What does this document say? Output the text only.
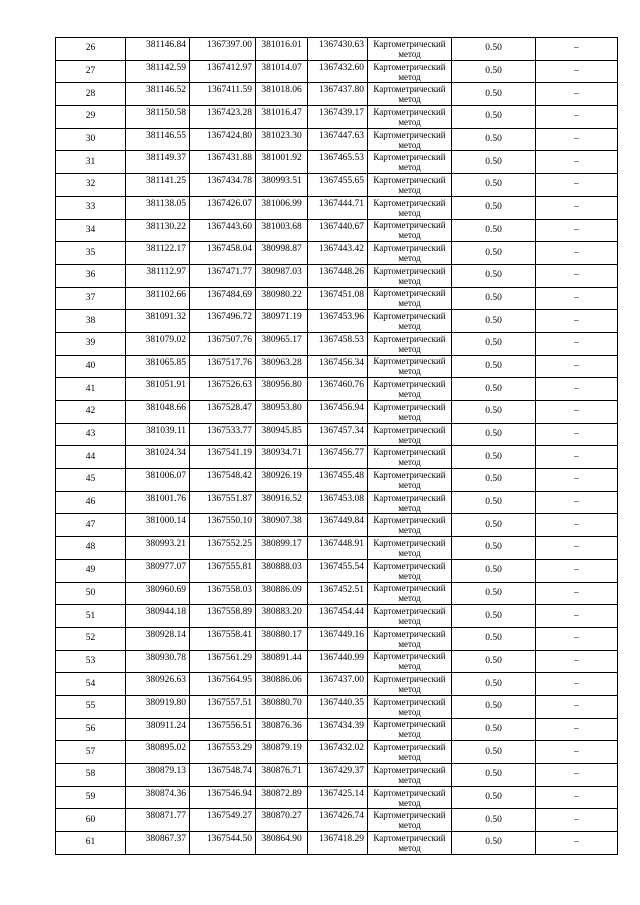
26	381146.84	1367397.00	381016.01	1367430.63	Картометрический метод	0.50	–
27	381142.59	1367412.97	381014.07	1367432.60	Картометрический метод	0.50	–
28	381146.52	1367411.59	381018.06	1367437.80	Картометрический метод	0.50	–
29	381150.58	1367423.28	381016.47	1367439.17	Картометрический метод	0.50	–
30	381146.55	1367424.80	381023.30	1367447.63	Картометрический метод	0.50	–
31	381149.37	1367431.88	381001.92	1367465.53	Картометрический метод	0.50	–
32	381141.25	1367434.78	380993.51	1367455.65	Картометрический метод	0.50	–
33	381138.05	1367426.07	381006.99	1367444.71	Картометрический метод	0.50	–
34	381130.22	1367443.60	381003.68	1367440.67	Картометрический метод	0.50	–
35	381122.17	1367458.04	380998.87	1367443.42	Картометрический метод	0.50	–
36	381112.97	1367471.77	380987.03	1367448.26	Картометрический метод	0.50	–
37	381102.66	1367484.69	380980.22	1367451.08	Картометрический метод	0.50	–
38	381091.32	1367496.72	380971.19	1367453.96	Картометрический метод	0.50	–
39	381079.02	1367507.76	380965.17	1367458.53	Картометрический метод	0.50	–
40	381065.85	1367517.76	380963.28	1367456.34	Картометрический метод	0.50	–
41	381051.91	1367526.63	380956.80	1367460.76	Картометрический метод	0.50	–
42	381048.66	1367528.47	380953.80	1367456.94	Картометрический метод	0.50	–
43	381039.11	1367533.77	380945.85	1367457.34	Картометрический метод	0.50	–
44	381024.34	1367541.19	380934.71	1367456.77	Картометрический метод	0.50	–
45	381006.07	1367548.42	380926.19	1367455.48	Картометрический метод	0.50	–
46	381001.76	1367551.87	380916.52	1367453.08	Картометрический метод	0.50	–
47	381000.14	1367550.10	380907.38	1367449.84	Картометрический метод	0.50	–
48	380993.21	1367552.25	380899.17	1367448.91	Картометрический метод	0.50	–
49	380977.07	1367555.81	380888.03	1367455.54	Картометрический метод	0.50	–
50	380960.69	1367558.03	380886.09	1367452.51	Картометрический метод	0.50	–
51	380944.18	1367558.89	380883.20	1367454.44	Картометрический метод	0.50	–
52	380928.14	1367558.41	380880.17	1367449.16	Картометрический метод	0.50	–
53	380930.78	1367561.29	380891.44	1367440.99	Картометрический метод	0.50	–
54	380926.63	1367564.95	380886.06	1367437.00	Картометрический метод	0.50	–
55	380919.80	1367557.51	380880.70	1367440.35	Картометрический метод	0.50	–
56	380911.24	1367556.51	380876.36	1367434.39	Картометрический метод	0.50	–
57	380895.02	1367553.29	380879.19	1367432.02	Картометрический метод	0.50	–
58	380879.13	1367548.74	380876.71	1367429.37	Картометрический метод	0.50	–
59	380874.36	1367546.94	380872.89	1367425.14	Картометрический метод	0.50	–
60	380871.77	1367549.27	380870.27	1367426.74	Картометрический метод	0.50	–
61	380867.37	1367544.50	380864.90	1367418.29	Картометрический метод	0.50	–
